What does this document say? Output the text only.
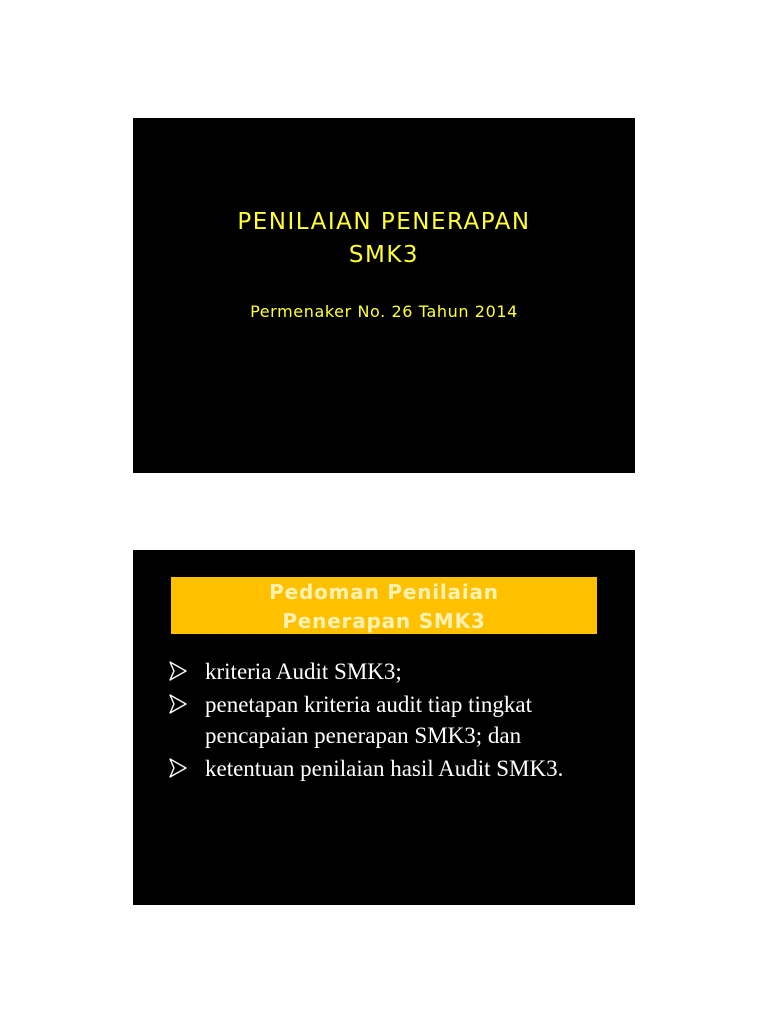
PENILAIAN PENERAPAN
SMK3
Permenaker No. 26 Tahun 2014
Pedoman Penilaian
Penerapan SMK3
kriteria Audit SMK3;
penetapan kriteria audit tiap tingkat pencapaian penerapan SMK3; dan
ketentuan penilaian hasil Audit SMK3.
